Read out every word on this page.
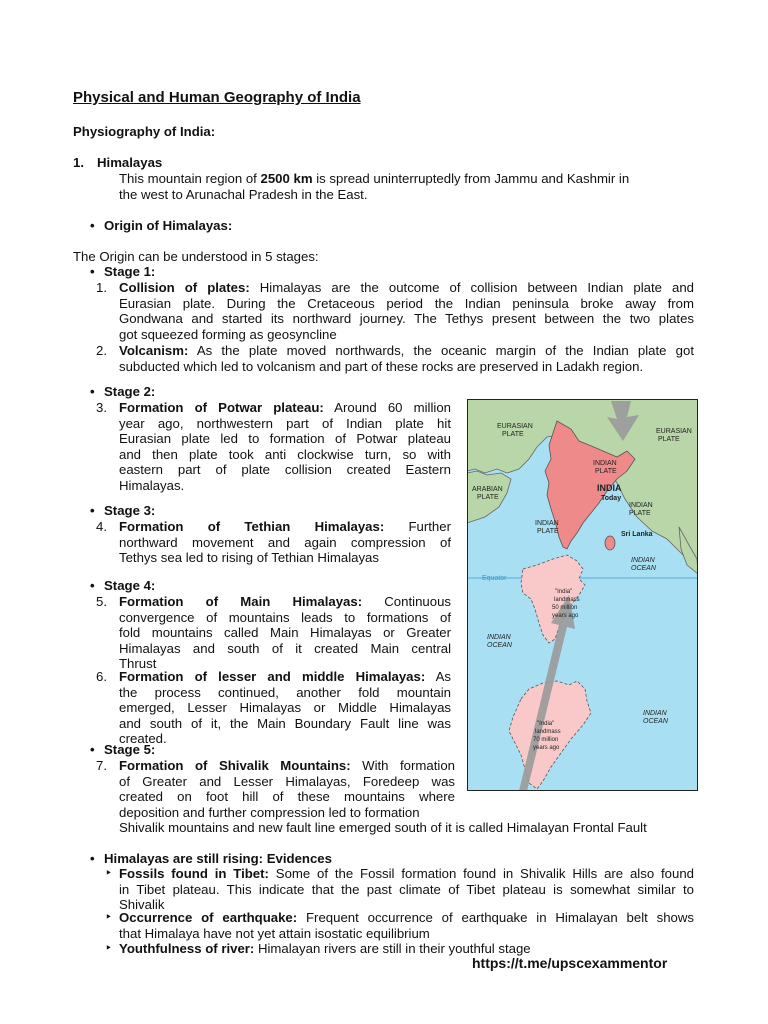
Physical and Human Geography of India
Physiography of India:
1. Himalayas
This mountain region of 2500 km is spread uninterruptedly from Jammu and Kashmir in
the west to Arunachal Pradesh in the East.
• Origin of Himalayas:
The Origin can be understood in 5 stages:
• Stage 1:
1. Collision of plates: Himalayas are the outcome of collision between Indian plate and
Eurasian plate. During the Cretaceous period the Indian peninsula broke away from
Gondwana and started its northward journey. The Tethys present between the two plates
got squeezed forming as geosyncline
2. Volcanism: As the plate moved northwards, the oceanic margin of the Indian plate got
subducted which led to volcanism and part of these rocks are preserved in Ladakh region.
• Stage 2:
3. Formation of Potwar plateau: Around 60 million
year ago, northwestern part of Indian plate hit
Eurasian plate led to formation of Potwar plateau
and then plate took anti clockwise turn, so with
eastern part of plate collision created Eastern
Himalayas.
• Stage 3:
4. Formation of Tethian Himalayas: Further
northward movement and again compression of
Tethys sea led to rising of Tethian Himalayas
• Stage 4:
5. Formation of Main Himalayas: Continuous
convergence of mountains leads to formations of
fold mountains called Main Himalayas or Greater
Himalayas and south of it created Main central
Thrust
6. Formation of lesser and middle Himalayas: As
the process continued, another fold mountain
emerged, Lesser Himalayas or Middle Himalayas
and south of it, the Main Boundary Fault line was
created.
• Stage 5:
7. Formation of Shivalik Mountains: With formation
of Greater and Lesser Himalayas, Foredeep was
created on foot hill of these mountains where
deposition and further compression led to formation
Shivalik mountains and new fault line emerged south of it is called Himalayan Frontal Fault
• Himalayas are still rising: Evidences
‣ Fossils found in Tibet: Some of the Fossil formation found in Shivalik Hills are also found
in Tibet plateau. This indicate that the past climate of Tibet plateau is somewhat similar to
Shivalik
‣ Occurrence of earthquake: Frequent occurrence of earthquake in Himalayan belt shows
that Himalaya have not yet attain isostatic equilibrium
‣ Youthfulness of river: Himalayan rivers are still in their youthful stage
https://t.me/upscexammentor
EURASIAN
PLATE	EURASIAN
PLATE
INDIAN
PLATE
INDIA
Today
ARABIAN
PLATE
INDIAN
PLATE
INDIAN
PLATE	Sri Lanka
INDIAN
OCEAN
Equator
"India"
landmass
50 million
years ago
INDIAN
OCEAN
INDIAN
OCEAN
"India"
landmass
70 million
years ago
